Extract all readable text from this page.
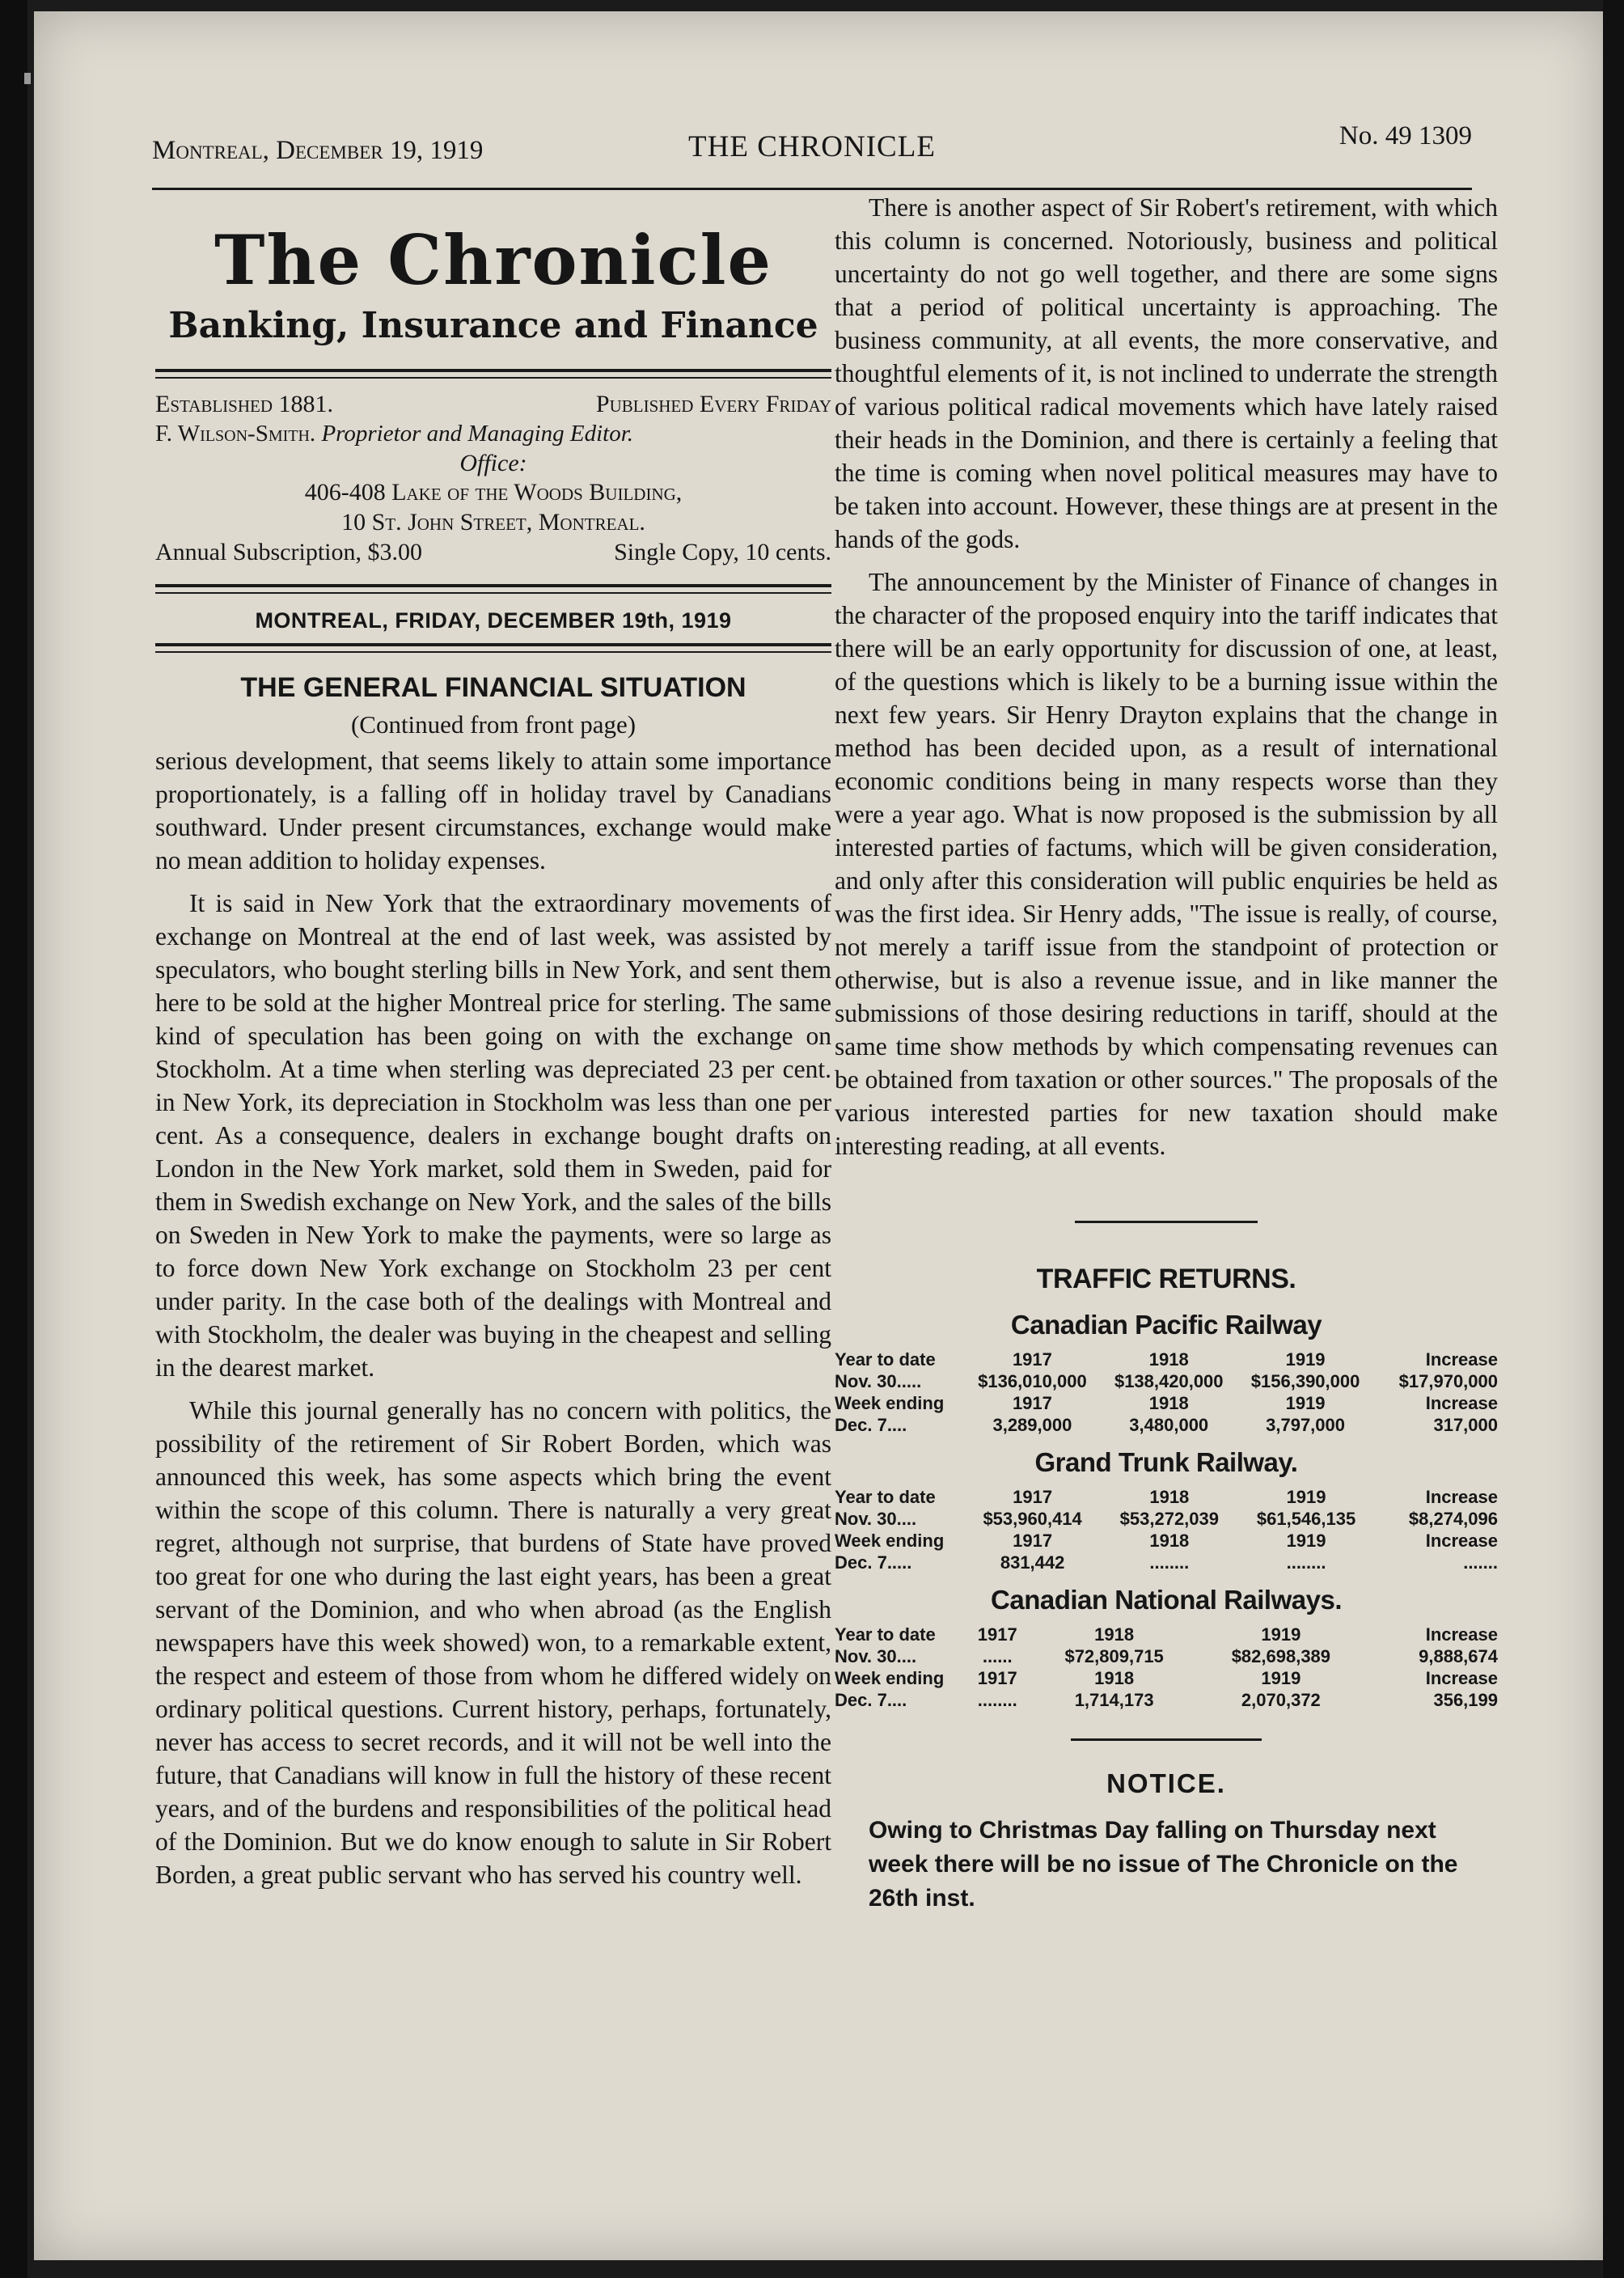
Montreal, December 19, 1919	THE CHRONICLE	No. 49 1309
The Chronicle
Banking, Insurance and Finance
Established 1881.	Published Every Friday
F. Wilson-Smith. Proprietor and Managing Editor.
Office:
406-408 Lake of the Woods Building,
10 St. John Street, Montreal.
Annual Subscription, $3.00	Single Copy, 10 cents.
MONTREAL, FRIDAY, DECEMBER 19th, 1919
THE GENERAL FINANCIAL SITUATION
(Continued from front page)

serious development, that seems likely to attain some importance proportionately, is a falling off in holiday travel by Canadians southward. Under present circumstances, exchange would make no mean addition to holiday expenses.

It is said in New York that the extraordinary movements of exchange on Montreal at the end of last week, was assisted by speculators, who bought sterling bills in New York, and sent them here to be sold at the higher Montreal price for sterling. The same kind of speculation has been going on with the exchange on Stockholm. At a time when sterling was depreciated 23 per cent. in New York, its depreciation in Stockholm was less than one per cent. As a consequence, dealers in exchange bought drafts on London in the New York market, sold them in Sweden, paid for them in Swedish exchange on New York, and the sales of the bills on Sweden in New York to make the payments, were so large as to force down New York exchange on Stockholm 23 per cent under parity. In the case both of the dealings with Montreal and with Stockholm, the dealer was buying in the cheapest and selling in the dearest market.

While this journal generally has no concern with politics, the possibility of the retirement of Sir Robert Borden, which was announced this week, has some aspects which bring the event within the scope of this column. There is naturally a very great regret, although not surprise, that burdens of State have proved too great for one who during the last eight years, has been a great servant of the Dominion, and who when abroad (as the English newspapers have this week showed) won, to a remarkable extent, the respect and esteem of those from whom he differed widely on ordinary political questions. Current history, perhaps, fortunately, never has access to secret records, and it will not be well into the future, that Canadians will know in full the history of these recent years, and of the burdens and responsibilities of the political head of the Dominion. But we do know enough to salute in Sir Robert Borden, a great public servant who has served his country well.

There is another aspect of Sir Robert's retirement, with which this column is concerned. Notoriously, business and political uncertainty do not go well together, and there are some signs that a period of political uncertainty is approaching. The business community, at all events, the more conservative, and thoughtful elements of it, is not inclined to underrate the strength of various political radical movements which have lately raised their heads in the Dominion, and there is certainly a feeling that the time is coming when novel political measures may have to be taken into account. However, these things are at present in the hands of the gods.

The announcement by the Minister of Finance of changes in the character of the proposed enquiry into the tariff indicates that there will be an early opportunity for discussion of one, at least, of the questions which is likely to be a burning issue within the next few years. Sir Henry Drayton explains that the change in method has been decided upon, as a result of international economic conditions being in many respects worse than they were a year ago. What is now proposed is the submission by all interested parties of factums, which will be given consideration, and only after this consideration will public enquiries be held as was the first idea. Sir Henry adds, "The issue is really, of course, not merely a tariff issue from the standpoint of protection or otherwise, but is also a revenue issue, and in like manner the submissions of those desiring reductions in tariff, should at the same time show methods by which compensating revenues can be obtained from taxation or other sources." The proposals of the various interested parties for new taxation should make interesting reading, at all events.

TRAFFIC RETURNS.
Canadian Pacific Railway
Year to date	1917	1918	1919	Increase
Nov. 30.....	$136,010,000	$138,420,000	$156,390,000	$17,970,000
Week ending	1917	1918	1919	Increase
Dec. 7....	3,289,000	3,480,000	3,797,000	317,000
Grand Trunk Railway.
Year to date	1917	1918	1919	Increase
Nov. 30....	$53,960,414	$53,272,039	$61,546,135	$8,274,096
Week ending	1917	1918	1919	Increase
Dec. 7.....	831,442	........	........	.......
Canadian National Railways.
Year to date	1917	1918	1919	Increase
Nov. 30....	......	$72,809,715	$82,698,389	9,888,674
Week ending	1917	1918	1919	Increase
Dec. 7....	........	1,714,173	2,070,372	356,199
NOTICE.
Owing to Christmas Day falling on Thursday next week there will be no issue of The Chronicle on the 26th inst.
